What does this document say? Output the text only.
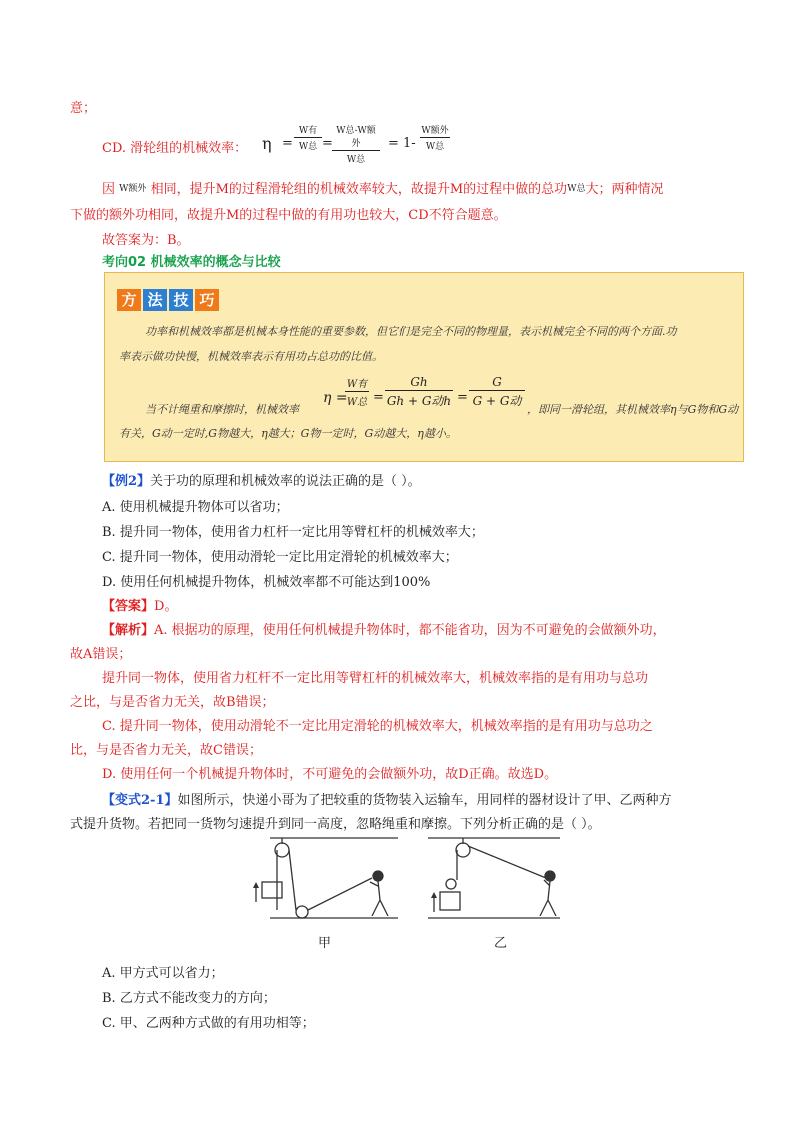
意；
CD. 滑轮组的机械效率： η =
W有
W总 =
W总-W额外
W总
= 1-
W额外
W总
因 W额外 相同，提升M的过程滑轮组的机械效率较大，故提升M的过程中做的总功W总大；两种情况
下做的额外功相同，故提升M的过程中做的有用功也较大，CD不符合题意。
故答案为：B。
考向02 机械效率的概念与比较
方 法 技 巧
功率和机械效率都是机械本身性能的重要参数，但它们是完全不同的物理量，表示机械完全不同的两个方面.功
率表示做功快慢，机械效率表示有用功占总功的比值。
当不计绳重和摩擦时，机械效率
η =
W有
W总 =
Gh
Gh + G动h =
G
G + G动
，即同一滑轮组，其机械效率η与G物和G动
有关，G动一定时,G物越大，η越大；G物一定时，G动越大，η越小。
【例2】关于功的原理和机械效率的说法正确的是（ ）。
A. 使用机械提升物体可以省功；
B. 提升同一物体，使用省力杠杆一定比用等臂杠杆的机械效率大；
C. 提升同一物体，使用动滑轮一定比用定滑轮的机械效率大；
D. 使用任何机械提升物体，机械效率都不可能达到100%
【答案】D。
【解析】A. 根据功的原理，使用任何机械提升物体时，都不能省功，因为不可避免的会做额外功，
故A错误；
提升同一物体，使用省力杠杆不一定比用等臂杠杆的机械效率大，机械效率指的是有用功与总功
之比，与是否省力无关，故B错误；
C. 提升同一物体，使用动滑轮不一定比用定滑轮的机械效率大，机械效率指的是有用功与总功之
比，与是否省力无关，故C错误；
D. 使用任何一个机械提升物体时，不可避免的会做额外功，故D正确。故选D。
【变式2-1】如图所示，快递小哥为了把较重的货物装入运输车，用同样的器材设计了甲、乙两种方
式提升货物。若把同一货物匀速提升到同一高度，忽略绳重和摩擦。下列分析正确的是（ ）。
甲	乙
A. 甲方式可以省力；
B. 乙方式不能改变力的方向；
C. 甲、乙两种方式做的有用功相等；
